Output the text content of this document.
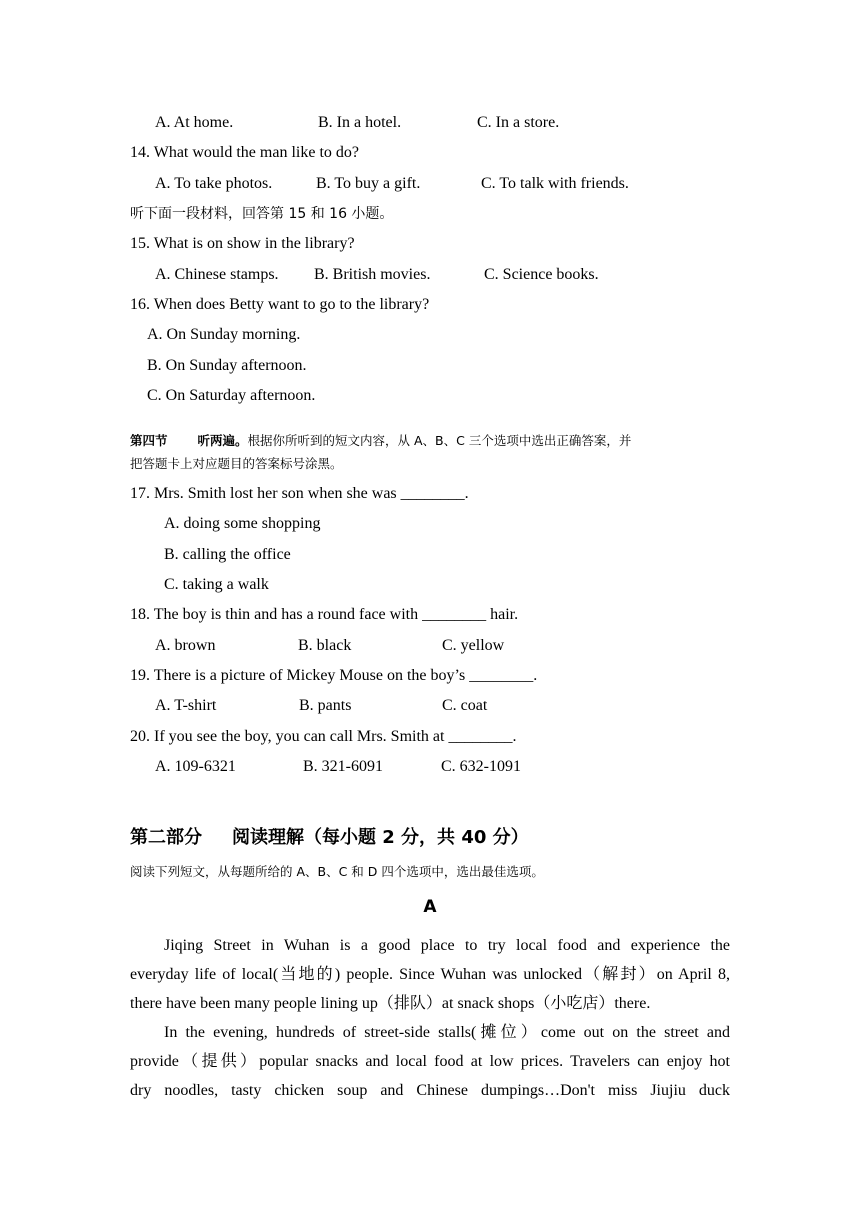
A. At home.	B. In a hotel.	C. In a store.
14. What would the man like to do?
A. To take photos.	B. To buy a gift.	C. To talk with friends.
听下面一段材料，回答第 15 和 16 小题。
15. What is on show in the library?
A. Chinese stamps. B. British movies.	C. Science books.
16. When does Betty want to go to the library?
A. On Sunday morning.
B. On Sunday afternoon.
C. On Saturday afternoon.
第四节 听两遍。根据你所听到的短文内容，从 A、B、C 三个选项中选出正确答案，并
把答题卡上对应题目的答案标号涂黑。
17. Mrs. Smith lost her son when she was ________.
A. doing some shopping
B. calling the office
C. taking a walk
18. The boy is thin and has a round face with ________ hair.
A. brown	B. black	C. yellow
19. There is a picture of Mickey Mouse on the boy’s ________.
A. T-shirt	B. pants	C. coat
20. If you see the boy, you can call Mrs. Smith at ________.
A. 109-6321	B. 321-6091	C. 632-1091
第二部分 阅读理解（每小题 2 分，共 40 分）
阅读下列短文，从每题所给的 A、B、C 和 D 四个选项中，选出最佳选项。
A
Jiqing Street in Wuhan is a good place to try local food and experience the
everyday life of local(当地的) people. Since Wuhan was unlocked（解封）on April 8,
there have been many people lining up（排队）at snack shops（小吃店）there.
In the evening, hundreds of street-side stalls(摊位）come out on the street and
provide（提供）popular snacks and local food at low prices. Travelers can enjoy hot
dry noodles, tasty chicken soup and Chinese dumpings…Don't miss Jiujiu duck
